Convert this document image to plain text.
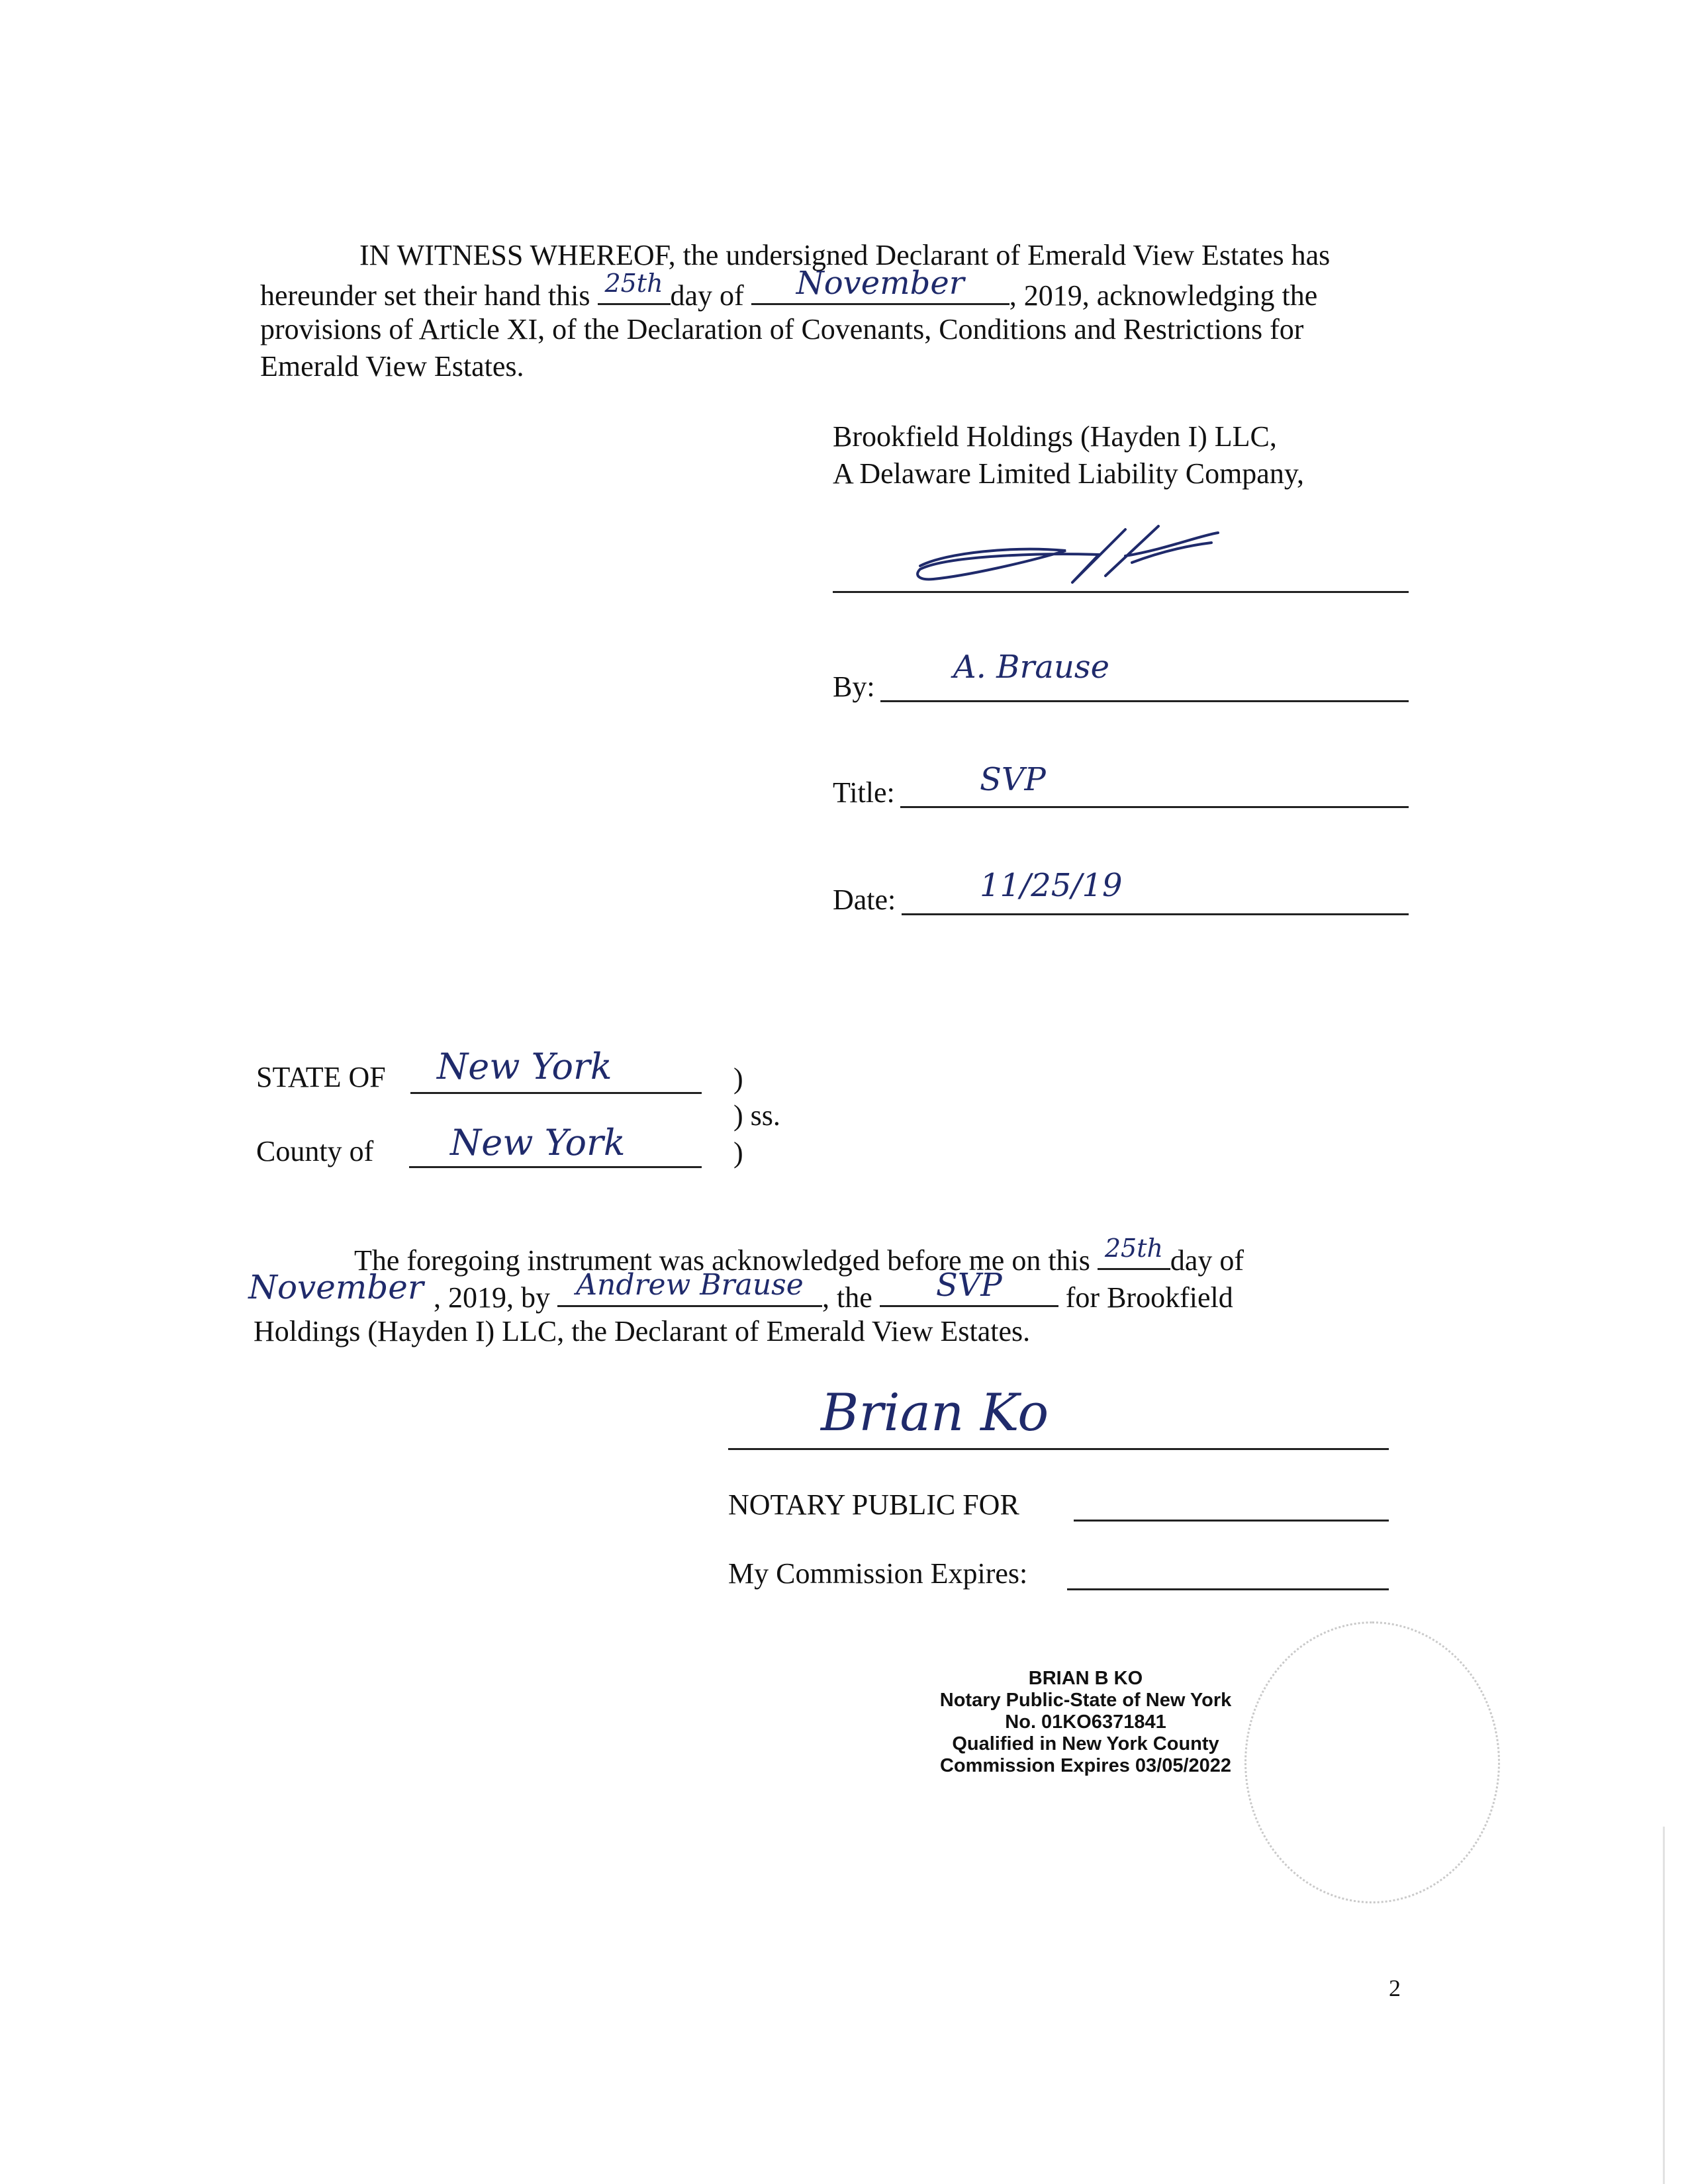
IN WITNESS WHEREOF, the undersigned Declarant of Emerald View Estates has
hereunder set their hand this 25th day of	November	, 2019, acknowledging the
provisions of Article XI, of the Declaration of Covenants, Conditions and Restrictions for
Emerald View Estates.
Brookfield Holdings (Hayden I) LLC,
A Delaware Limited Liability Company,
By:
A. Brause
Title:	SVP
Date:	11/25/19
STATE OF New York	)
) ss.
County of New York	)
The foregoing instrument was acknowledged before me on this 25th day of
November , 2019, by Andrew Brause , the	SVP	for Brookfield
Holdings (Hayden I) LLC, the Declarant of Emerald View Estates.
Brian Ko
NOTARY PUBLIC FOR
My Commission Expires:
BRIAN B KO
Notary Public-State of New York
No. 01KO6371841
Qualified in New York County
Commission Expires 03/05/2022
2
